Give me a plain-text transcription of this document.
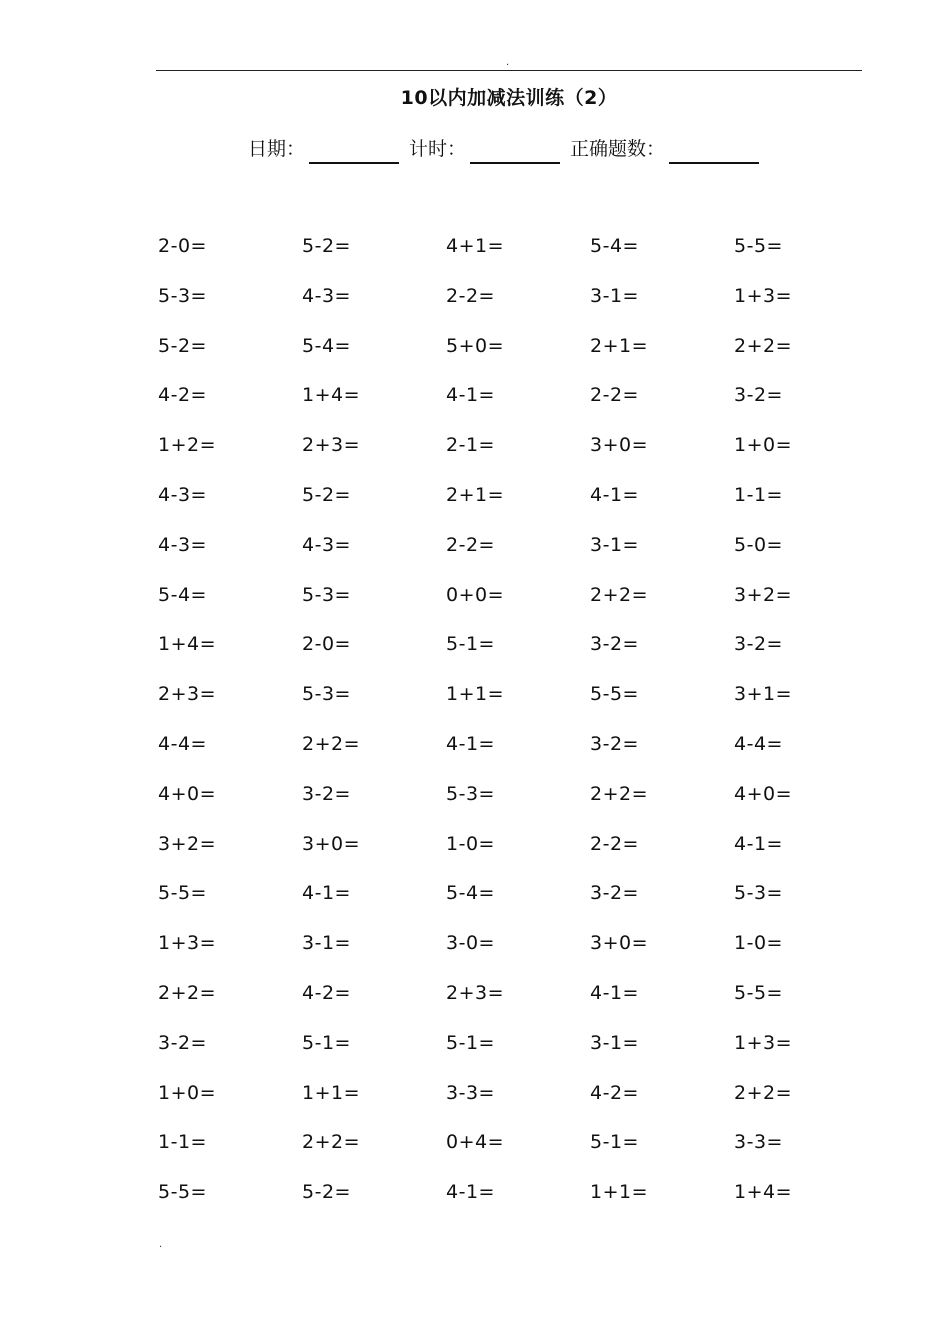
.
10以内加减法训练（2）
日期：	计时：	正确题数：
2-0=	5-2=	4+1=	5-4=	5-5=
5-3=	4-3=	2-2=	3-1=	1+3=
5-2=	5-4=	5+0=	2+1=	2+2=
4-2=	1+4=	4-1=	2-2=	3-2=
1+2=	2+3=	2-1=	3+0=	1+0=
4-3=	5-2=	2+1=	4-1=	1-1=
4-3=	4-3=	2-2=	3-1=	5-0=
5-4=	5-3=	0+0=	2+2=	3+2=
1+4=	2-0=	5-1=	3-2=	3-2=
2+3=	5-3=	1+1=	5-5=	3+1=
4-4=	2+2=	4-1=	3-2=	4-4=
4+0=	3-2=	5-3=	2+2=	4+0=
3+2=	3+0=	1-0=	2-2=	4-1=
5-5=	4-1=	5-4=	3-2=	5-3=
1+3=	3-1=	3-0=	3+0=	1-0=
2+2=	4-2=	2+3=	4-1=	5-5=
3-2=	5-1=	5-1=	3-1=	1+3=
1+0=	1+1=	3-3=	4-2=	2+2=
1-1=	2+2=	0+4=	5-1=	3-3=
5-5=	5-2=	4-1=	1+1=	1+4=
.
